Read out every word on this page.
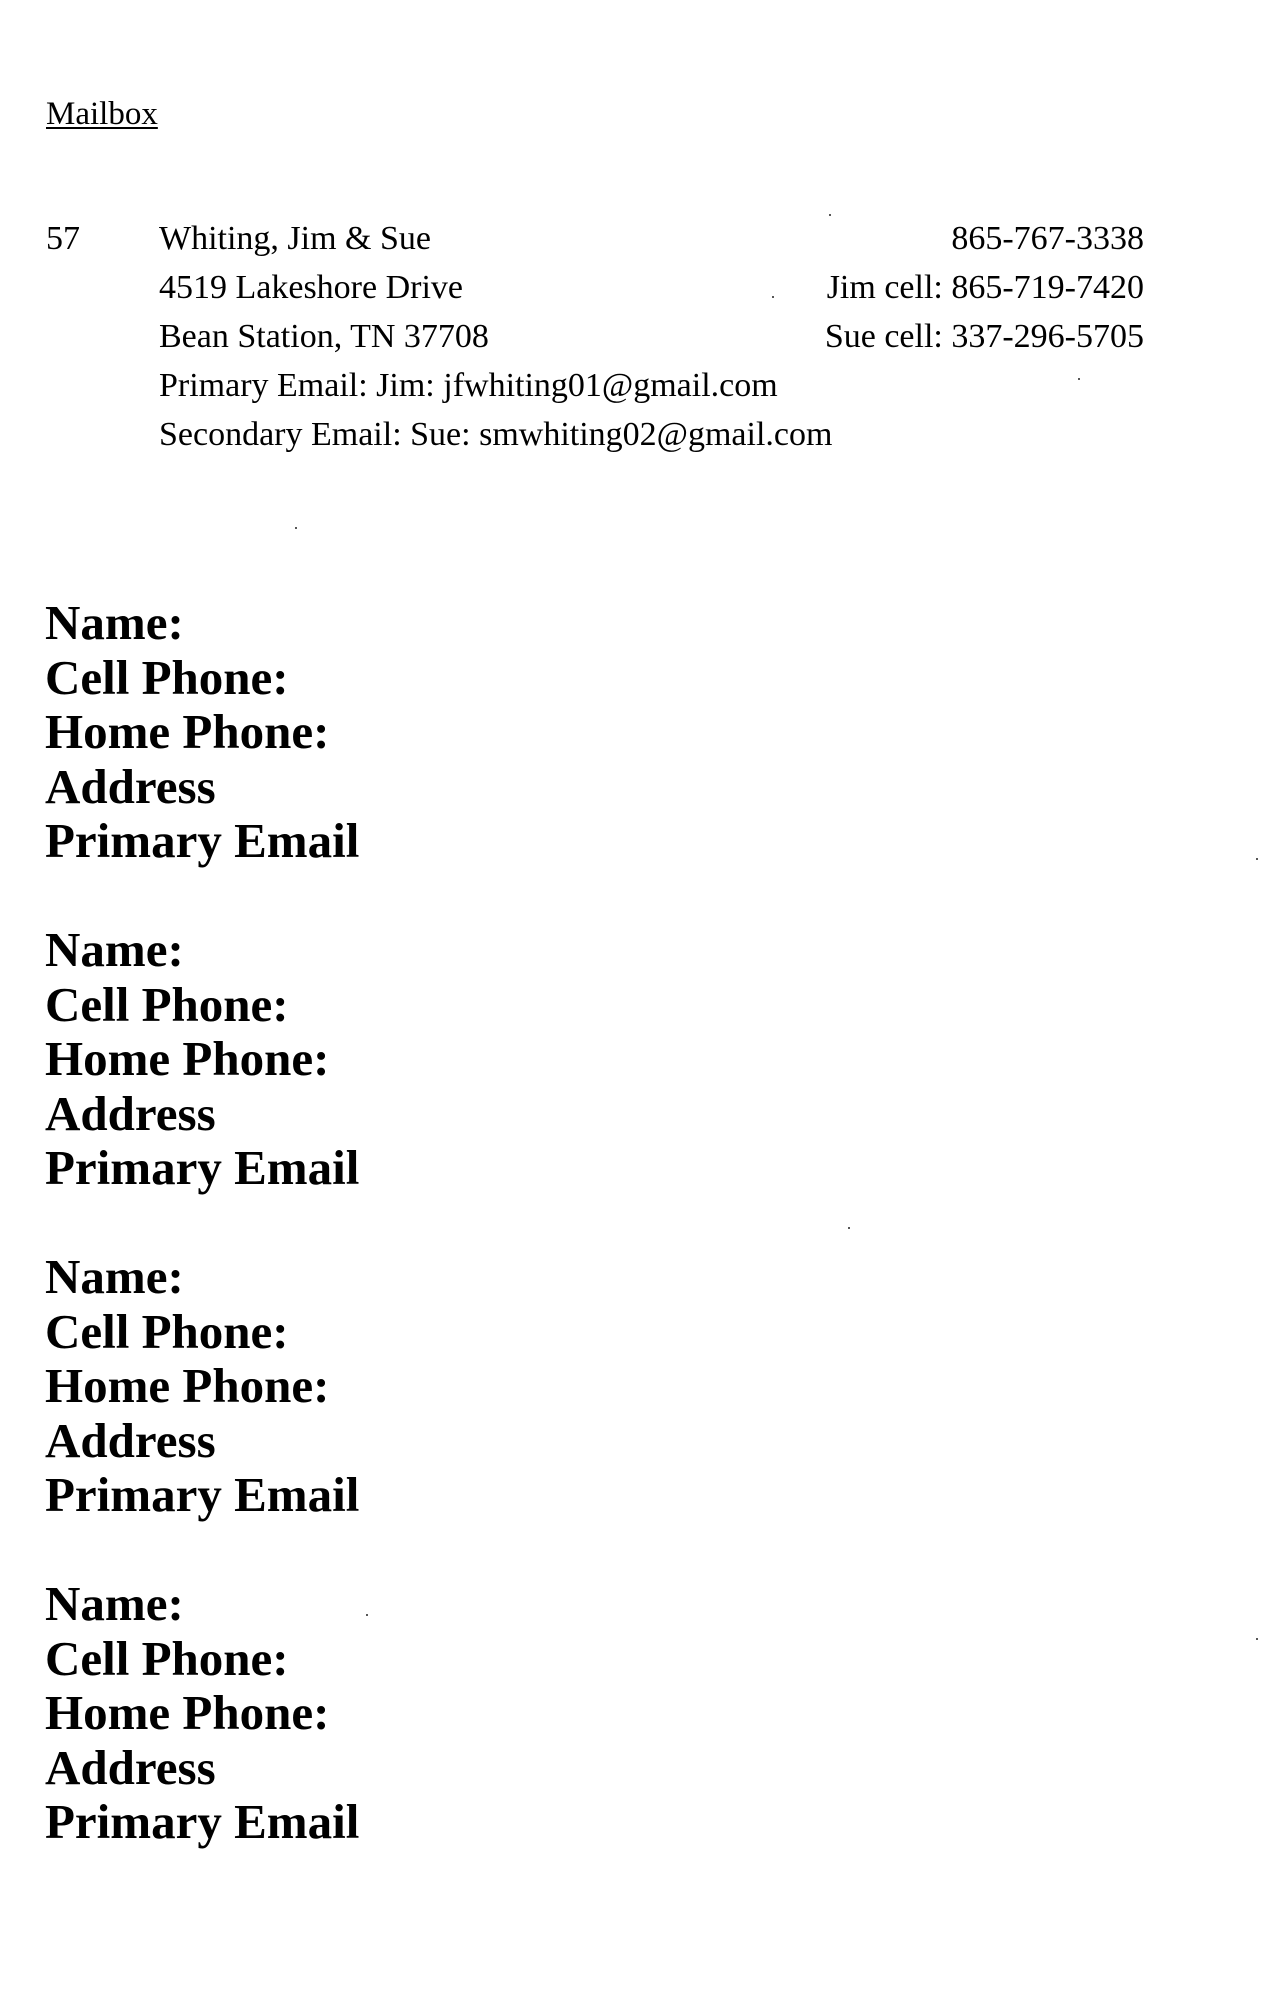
Mailbox
57 Whiting, Jim & Sue
4519 Lakeshore Drive
Bean Station, TN 37708
Primary Email: Jim: jfwhiting01@gmail.com
Secondary Email: Sue: smwhiting02@gmail.com
865-767-3338
Jim cell: 865-719-7420
Sue cell: 337-296-5705
Name:
Cell Phone:
Home Phone:
Address
Primary Email
Name:
Cell Phone:
Home Phone:
Address
Primary Email
Name:
Cell Phone:
Home Phone:
Address
Primary Email
Name:
Cell Phone:
Home Phone:
Address
Primary Email
